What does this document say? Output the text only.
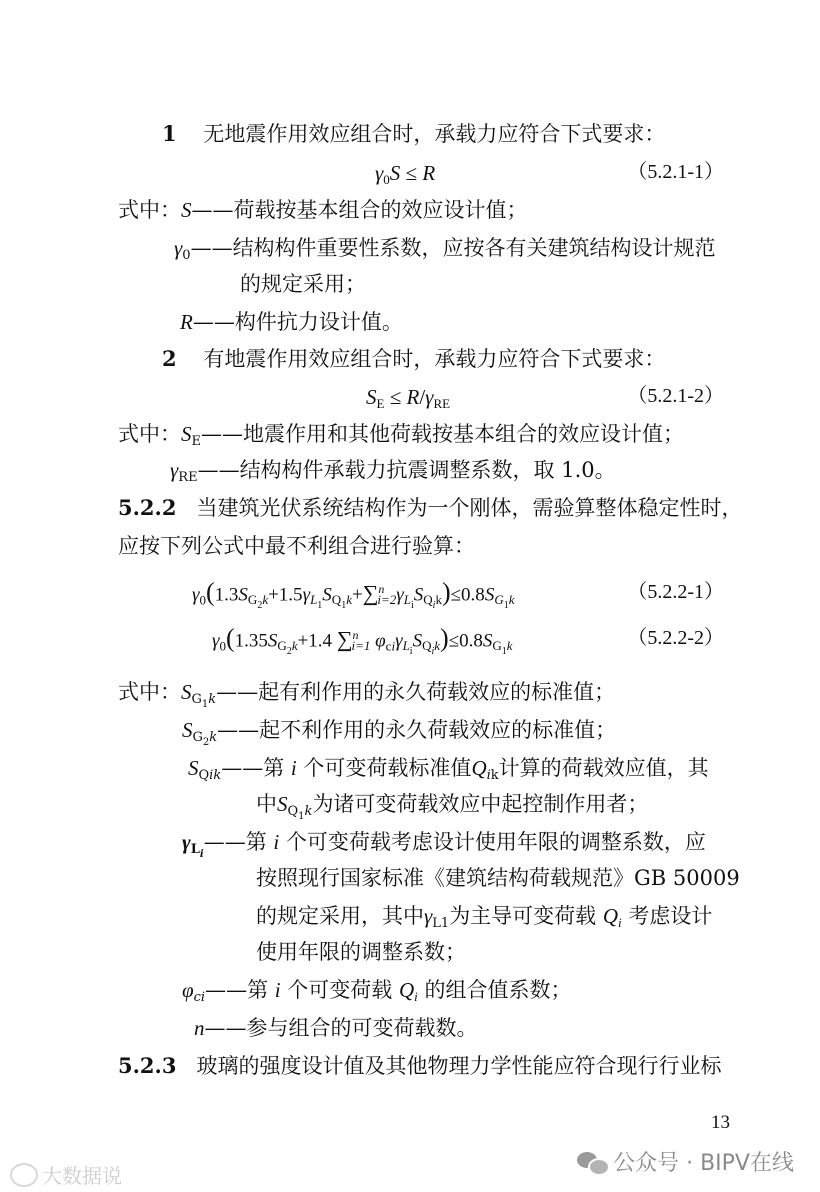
1 无地震作用效应组合时，承载力应符合下式要求：
$\gamma_0S \le R$	（5.2.1-1）
式中：S——荷载按基本组合的效应设计值；
$\gamma_0——$结构构件重要性系数，应按各有关建筑结构设计规范
的规定采用；
R——构件抗力设计值。
2 有地震作用效应组合时，承载力应符合下式要求：
$S_E \le R/\gamma_{RE}$	（5.2.1-2）
式中：$S_E——$地震作用和其他荷载按基本组合的效应设计值；
$\gamma_{RE}——$结构构件承载力抗震调整系数，取 1.0。
5.2.2 当建筑光伏系统结构作为一个刚体，需验算整体稳定性时，
应按下列公式中最不利组合进行验算：
$\gamma_0(1.3S_{G_2k}+1.5\gamma_{L_1}S_{Q_1k}+\sum^n_{i=2}\gamma_{L_i}S_{Q_ik})\le 0.8S_{G_1k}$	（5.2.2-1）
$\gamma_0(1.35S_{G_2k}+1.4$ ∑$^n_{i=1}$ $\varphi_{ci}\gamma_{L_i}S_{Q_ik})\le 0.8S_{G_1k}$	（5.2.2-2）
式中：$S_{G_1k}——$起有利作用的永久荷载效应的标准值；
$S_{G_2k}——$起不利作用的永久荷载效应的标准值；
$S_{Qik}——$第 i 个可变荷载标准值$Q_{ik}$计算的荷载效应值，其
中$S_{Q_1k}$为诸可变荷载效应中起控制作用者；
$\gamma_{L_i}——$第 i 个可变荷载考虑设计使用年限的调整系数，应
按照现行国家标准《建筑结构荷载规范》GB 50009
的规定采用，其中$\gamma_{L1}$为主导可变荷载 $Q_i$ 考虑设计
使用年限的调整系数；
$\varphi_{ci}——$第 i 个可变荷载 $Q_i$ 的组合值系数；
n——参与组合的可变荷载数。
5.2.3 玻璃的强度设计值及其他物理力学性能应符合现行行业标
13
公众号 · BIPV在线
大数据说
